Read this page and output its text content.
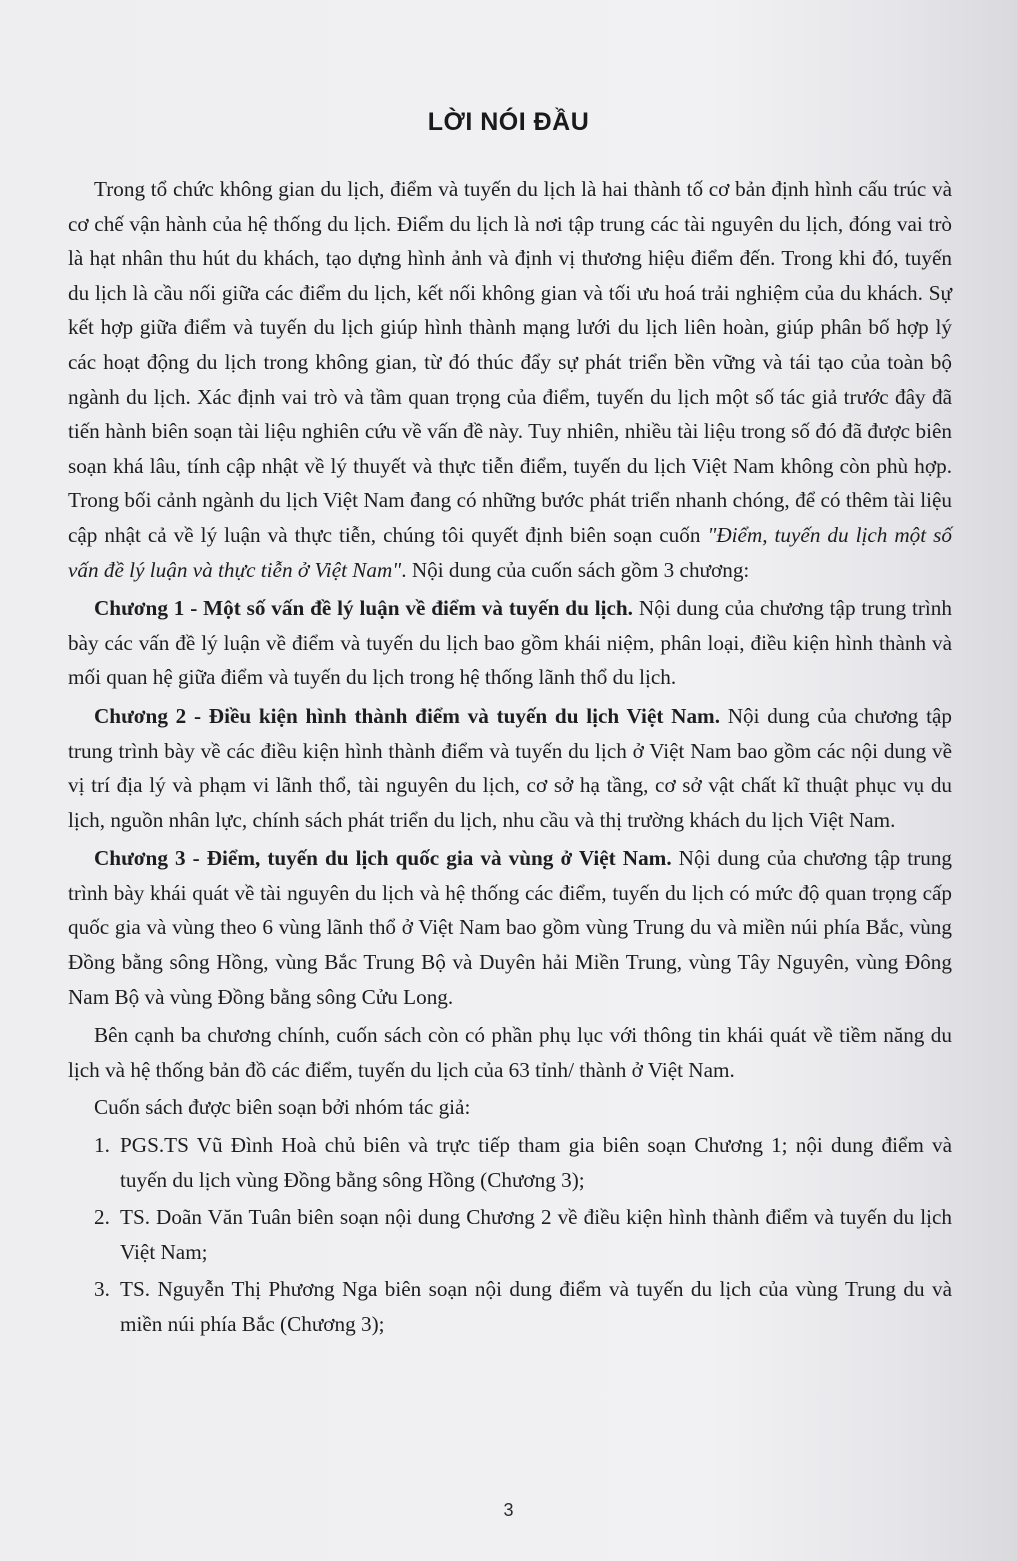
LỜI NÓI ĐẦU

Trong tổ chức không gian du lịch, điểm và tuyến du lịch là hai thành tố cơ bản định hình cấu trúc và cơ chế vận hành của hệ thống du lịch. Điểm du lịch là nơi tập trung các tài nguyên du lịch, đóng vai trò là hạt nhân thu hút du khách, tạo dựng hình ảnh và định vị thương hiệu điểm đến. Trong khi đó, tuyến du lịch là cầu nối giữa các điểm du lịch, kết nối không gian và tối ưu hoá trải nghiệm của du khách. Sự kết hợp giữa điểm và tuyến du lịch giúp hình thành mạng lưới du lịch liên hoàn, giúp phân bố hợp lý các hoạt động du lịch trong không gian, từ đó thúc đẩy sự phát triển bền vững và tái tạo của toàn bộ ngành du lịch. Xác định vai trò và tầm quan trọng của điểm, tuyến du lịch một số tác giả trước đây đã tiến hành biên soạn tài liệu nghiên cứu về vấn đề này. Tuy nhiên, nhiều tài liệu trong số đó đã được biên soạn khá lâu, tính cập nhật về lý thuyết và thực tiễn điểm, tuyến du lịch Việt Nam không còn phù hợp. Trong bối cảnh ngành du lịch Việt Nam đang có những bước phát triển nhanh chóng, để có thêm tài liệu cập nhật cả về lý luận và thực tiễn, chúng tôi quyết định biên soạn cuốn "Điểm, tuyến du lịch một số vấn đề lý luận và thực tiễn ở Việt Nam". Nội dung của cuốn sách gồm 3 chương:

Chương 1 - Một số vấn đề lý luận về điểm và tuyến du lịch. Nội dung của chương tập trung trình bày các vấn đề lý luận về điểm và tuyến du lịch bao gồm khái niệm, phân loại, điều kiện hình thành và mối quan hệ giữa điểm và tuyến du lịch trong hệ thống lãnh thổ du lịch.

Chương 2 - Điều kiện hình thành điểm và tuyến du lịch Việt Nam. Nội dung của chương tập trung trình bày về các điều kiện hình thành điểm và tuyến du lịch ở Việt Nam bao gồm các nội dung về vị trí địa lý và phạm vi lãnh thổ, tài nguyên du lịch, cơ sở hạ tầng, cơ sở vật chất kĩ thuật phục vụ du lịch, nguồn nhân lực, chính sách phát triển du lịch, nhu cầu và thị trường khách du lịch Việt Nam.

Chương 3 - Điểm, tuyến du lịch quốc gia và vùng ở Việt Nam. Nội dung của chương tập trung trình bày khái quát về tài nguyên du lịch và hệ thống các điểm, tuyến du lịch có mức độ quan trọng cấp quốc gia và vùng theo 6 vùng lãnh thổ ở Việt Nam bao gồm vùng Trung du và miền núi phía Bắc, vùng Đồng bằng sông Hồng, vùng Bắc Trung Bộ và Duyên hải Miền Trung, vùng Tây Nguyên, vùng Đông Nam Bộ và vùng Đồng bằng sông Cửu Long.

Bên cạnh ba chương chính, cuốn sách còn có phần phụ lục với thông tin khái quát về tiềm năng du lịch và hệ thống bản đồ các điểm, tuyến du lịch của 63 tỉnh/ thành ở Việt Nam.

Cuốn sách được biên soạn bởi nhóm tác giả:

1. PGS.TS Vũ Đình Hoà chủ biên và trực tiếp tham gia biên soạn Chương 1; nội dung điểm và tuyến du lịch vùng Đồng bằng sông Hồng (Chương 3);
2. TS. Doãn Văn Tuân biên soạn nội dung Chương 2 về điều kiện hình thành điểm và tuyến du lịch Việt Nam;
3. TS. Nguyễn Thị Phương Nga biên soạn nội dung điểm và tuyến du lịch của vùng Trung du và miền núi phía Bắc (Chương 3);
3
